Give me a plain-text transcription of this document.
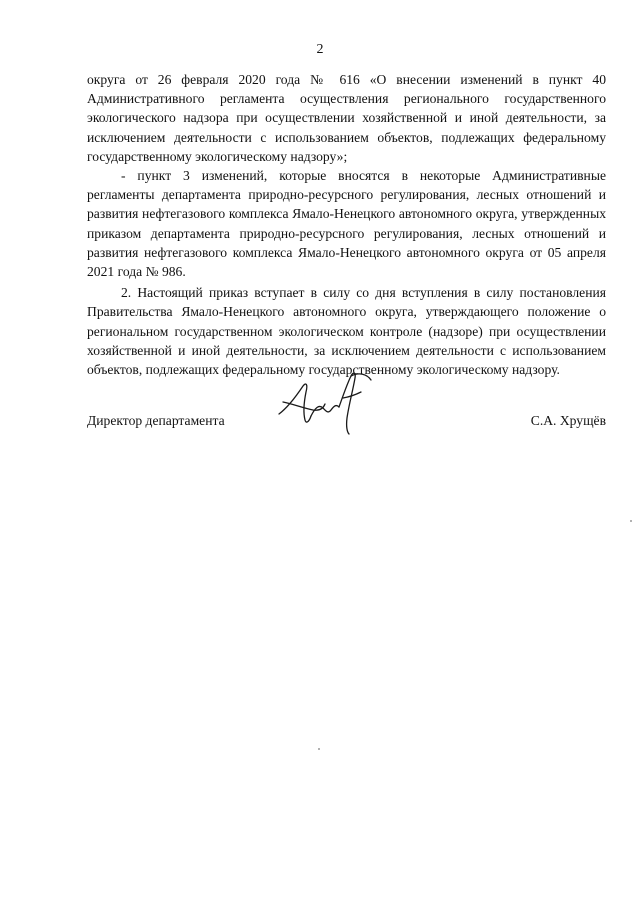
2

округа от 26 февраля 2020 года № 616 «О внесении изменений в пункт 40 Административного регламента осуществления регионального государственного экологического надзора при осуществлении хозяйственной и иной деятельности, за исключением деятельности с использованием объектов, подлежащих федеральному государственному экологическому надзору»;

- пункт 3 изменений, которые вносятся в некоторые Административные регламенты департамента природно-ресурсного регулирования, лесных отношений и развития нефтегазового комплекса Ямало-Ненецкого автономного округа, утвержденных приказом департамента природно-ресурсного регулирования, лесных отношений и развития нефтегазового комплекса Ямало-Ненецкого автономного округа от 05 апреля 2021 года № 986.

2. Настоящий приказ вступает в силу со дня вступления в силу постановления Правительства Ямало-Ненецкого автономного округа, утверждающего положение о региональном государственном экологическом контроле (надзоре) при осуществлении хозяйственной и иной деятельности, за исключением деятельности с использованием объектов, подлежащих федеральному государственному экологическому надзору.

Директор департамента	С.А. Хрущёв
